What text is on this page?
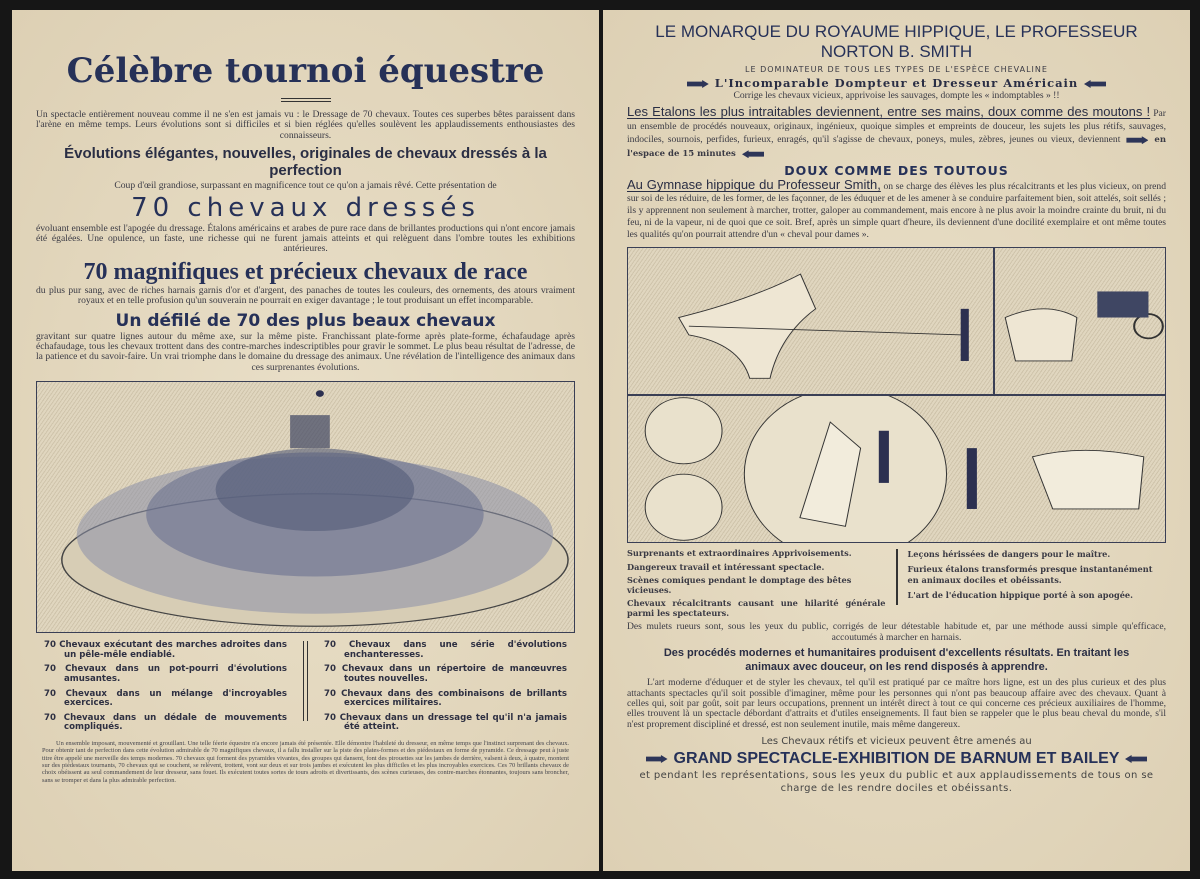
Célèbre tournoi équestre
Un spectacle entièrement nouveau comme il ne s'en est jamais vu : le Dressage de 70 chevaux. Toutes ces superbes bêtes paraissent dans l'arène en même temps. Leurs évolutions sont si difficiles et si bien réglées qu'elles soulèvent les applaudissements enthousiastes des connaisseurs.
Évolutions élégantes, nouvelles, originales de chevaux dressés à la perfection
Coup d'œil grandiose, surpassant en magnificence tout ce qu'on a jamais rêvé. Cette présentation de
70 chevaux dressés
évoluant ensemble est l'apogée du dressage. Étalons américains et arabes de pure race dans de brillantes productions qui n'ont encore jamais été égalées. Une opulence, un faste, une richesse qui ne furent jamais atteints et qui relèguent dans l'ombre toutes les exhibitions antérieures.
70 magnifiques et précieux chevaux de race
du plus pur sang, avec de riches harnais garnis d'or et d'argent, des panaches de toutes les couleurs, des ornements, des atours vraiment royaux et en telle profusion qu'un souverain ne pourrait en exiger davantage ; le tout produisant un effet incomparable.
Un défilé de 70 des plus beaux chevaux
gravitant sur quatre lignes autour du même axe, sur la même piste. Franchissant plate-forme après plate-forme, échafaudage après échafaudage, tous les chevaux trottent dans des contre-marches indescriptibles pour gravir le sommet. Le plus beau résultat de l'adresse, de la patience et du savoir-faire. Un vrai triomphe dans le domaine du dressage des animaux. Une révélation de l'intelligence des animaux dans ces surprenantes évolutions.
70 Chevaux exécutant des marches adroites dans un pêle-mêle endiablé.
70 Chevaux dans un pot-pourri d'évolutions amusantes.
70 Chevaux dans un mélange d'incroyables exercices.
70 Chevaux dans un dédale de mouvements compliqués.
70 Chevaux dans une série d'évolutions enchanteresses.
70 Chevaux dans un répertoire de manœuvres toutes nouvelles.
70 Chevaux dans des combinaisons de brillants exercices militaires.
70 Chevaux dans un dressage tel qu'il n'a jamais été atteint.
Un ensemble imposant, mouvementé et grouillant. Une telle féerie équestre n'a encore jamais été présentée. Elle démontre l'habileté du dresseur, en même temps que l'instinct surprenant des chevaux. Pour obtenir tant de perfection dans cette évolution admirable de 70 magnifiques chevaux, il a fallu installer sur la piste des plates-formes et des piédestaux en forme de pyramide. Ce dressage peut à juste titre être appelé une merveille des temps modernes. 70 chevaux qui forment des pyramides vivantes, des groupes qui dansent, font des pirouettes sur les jambes de derrière, valsent à deux, à quatre, montent sur des piédestaux tournants, 70 chevaux qui se couchent, se relèvent, trottent, vont sur deux et sur trois jambes et exécutent les plus difficiles et les plus incroyables exercices. Ces 70 brillants chevaux de choix obéissent au seul commandement de leur dresseur, sans fouet. Ils exécutent toutes sortes de tours adroits et divertissants, des scènes curieuses, des contre-marches étonnantes, toujours sans broncher, sans se tromper et dans la plus admirable perfection.
LE MONARQUE DU ROYAUME HIPPIQUE, LE PROFESSEUR NORTON B. SMITH
LE DOMINATEUR DE TOUS LES TYPES DE L'ESPÈCE CHEVALINE
L'Incomparable Dompteur et Dresseur Américain
Corrige les chevaux vicieux, apprivoise les sauvages, dompte les « indomptables » !!
Les Etalons les plus intraitables deviennent, entre ses mains, doux comme des moutons ! Par un ensemble de procédés nouveaux, originaux, ingénieux, quoique simples et empreints de douceur, les sujets les plus rétifs, sauvages, indociles, sournois, perfides, furieux, enragés, qu'il s'agisse de chevaux, poneys, mules, zèbres, jeunes ou vieux, deviennent	en l'espace de 15 minutes
DOUX COMME DES TOUTOUS
Au Gymnase hippique du Professeur Smith, on se charge des élèves les plus récalcitrants et les plus vicieux, on prend sur soi de les réduire, de les former, de les façonner, de les éduquer et de les amener à se conduire parfaitement bien, soit attelés, soit sellés ; ils y apprennent non seulement à marcher, trotter, galoper au commandement, mais encore à ne plus avoir la moindre crainte du bruit, ni du feu, ni de la vapeur, ni de quoi que ce soit. Bref, après un simple quart d'heure, ils deviennent d'une docilité exemplaire et ont même toutes les qualités qu'on pourrait attendre d'un « cheval pour dames ».
Surprenants et extraordinaires Apprivoisements.
Dangereux travail et intéressant spectacle.
Scènes comiques pendant le domptage des bêtes vicieuses.
Chevaux récalcitrants causant une hilarité générale parmi les spectateurs.
Leçons hérissées de dangers pour le maître.
Furieux étalons transformés presque instantanément en animaux dociles et obéissants.
L'art de l'éducation hippique porté à son apogée.
Des mulets rueurs sont, sous les yeux du public, corrigés de leur détestable habitude et, par une méthode aussi simple qu'efficace, accoutumés à marcher en harnais.
Des procédés modernes et humanitaires produisent d'excellents résultats. En traitant les animaux avec douceur, on les rend disposés à apprendre.
L'art moderne d'éduquer et de styler les chevaux, tel qu'il est pratiqué par ce maître hors ligne, est un des plus curieux et des plus attachants spectacles qu'il soit possible d'imaginer, même pour les personnes qui n'ont pas beaucoup affaire avec des chevaux. Quant à celles qui, soit par goût, soit par leurs occupations, prennent un intérêt direct à tout ce qui concerne ces précieux auxiliaires de l'homme, elles trouvent là un spectacle débordant d'attraits et d'utiles enseignements. Il faut bien se rappeler que le plus beau cheval du monde, s'il n'est proprement discipliné et dressé, est non seulement inutile, mais même dangereux.
Les Chevaux rétifs et vicieux peuvent être amenés au
GRAND SPECTACLE-EXHIBITION DE BARNUM ET BAILEY
et pendant les représentations, sous les yeux du public et aux applaudissements de tous on se charge de les rendre dociles et obéissants.
